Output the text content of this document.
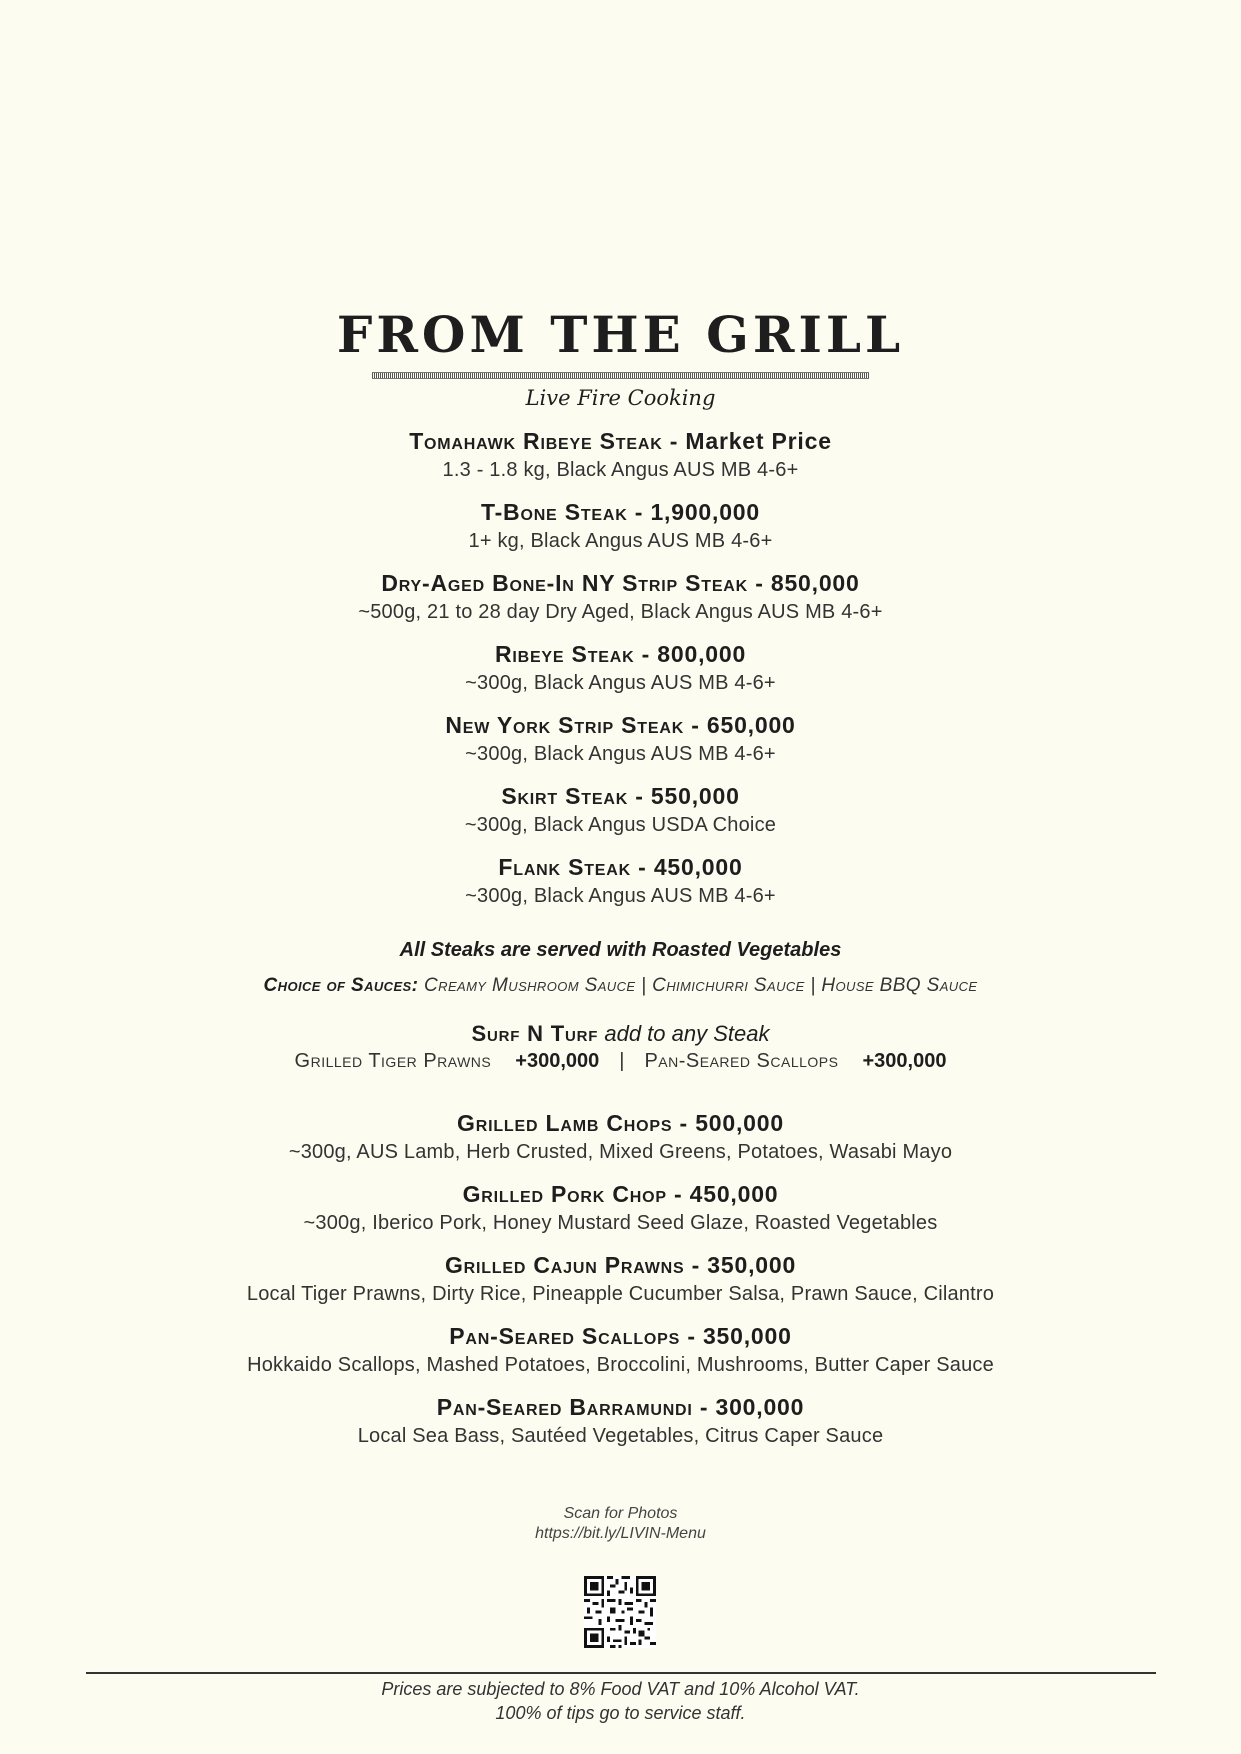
FROM THE GRILL
Live Fire Cooking
Tomahawk Ribeye Steak - Market Price
1.3 - 1.8 kg, Black Angus AUS MB 4-6+
T-Bone Steak - 1,900,000
1+ kg, Black Angus AUS MB 4-6+
Dry-Aged Bone-In NY Strip Steak - 850,000
~500g, 21 to 28 day Dry Aged, Black Angus AUS MB 4-6+
Ribeye Steak - 800,000
~300g, Black Angus AUS MB 4-6+
New York Strip Steak - 650,000
~300g, Black Angus AUS MB 4-6+
Skirt Steak - 550,000
~300g, Black Angus USDA Choice
Flank Steak - 450,000
~300g, Black Angus AUS MB 4-6+
All Steaks are served with Roasted Vegetables
Choice of Sauces: Creamy Mushroom Sauce | Chimichurri Sauce | House BBQ Sauce
Surf N Turf add to any Steak
Grilled Tiger Prawns +300,000 | Pan-Seared Scallops +300,000
Grilled Lamb Chops - 500,000
~300g, AUS Lamb, Herb Crusted, Mixed Greens, Potatoes, Wasabi Mayo
Grilled Pork Chop - 450,000
~300g, Iberico Pork, Honey Mustard Seed Glaze, Roasted Vegetables
Grilled Cajun Prawns - 350,000
Local Tiger Prawns, Dirty Rice, Pineapple Cucumber Salsa, Prawn Sauce, Cilantro
Pan-Seared Scallops - 350,000
Hokkaido Scallops, Mashed Potatoes, Broccolini, Mushrooms, Butter Caper Sauce
Pan-Seared Barramundi - 300,000
Local Sea Bass, Sautéed Vegetables, Citrus Caper Sauce
Scan for Photos
https://bit.ly/LIVIN-Menu
Prices are subjected to 8% Food VAT and 10% Alcohol VAT.
100% of tips go to service staff.
